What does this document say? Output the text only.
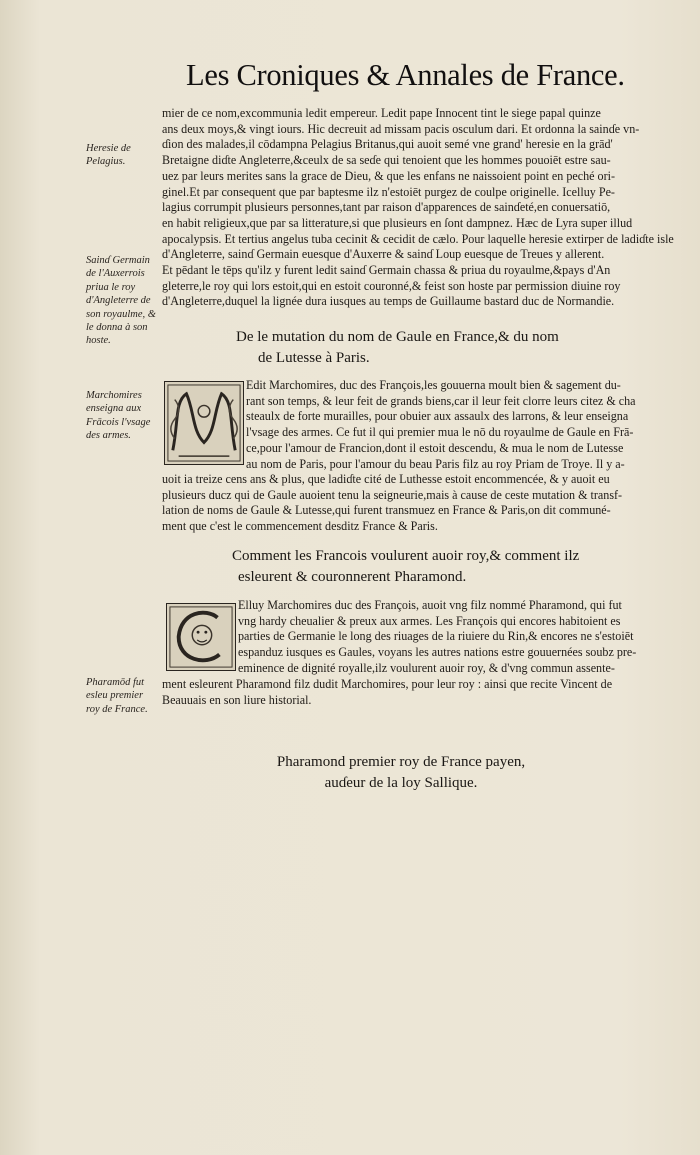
Les Croniques & Annales de France.
mier de ce nom,excommunia ledit empereur. Ledit pape Innocent tint le siege papal quinze
ans deux moys,& vingt iours. Hic decreuit ad missam pacis osculum dari. Et ordonna la sainɗe vn-
ɗion des malades,il cōdampna Pelagius Britanus,qui auoit semé vne grand' heresie en la grād'
Bretaigne diɗte Angleterre,&ceulx de sa seɗe qui tenoient que les hommes pouoiēt estre sau-
uez par leurs merites sans la grace de Dieu, & que les enfans ne naissoient point en peché ori-
ginel.Et par consequent que par baptesme ilz n'estoiēt purgez de coulpe originelle. Icelluy Pe-
lagius corrumpit plusieurs personnes,tant par raison d'apparences de sainɗeté,en conuersatiō,
en habit religieux,que par sa litterature,si que plusieurs en ſont dampnez. Hæc de Lyra super illud
apocalypsis. Et tertius angelus tuba cecinit & cecidit de cælo. Pour laquelle heresie extirper de ladiɗte isle
d'Angleterre, sainɗ Germain euesque d'Auxerre & sainɗ Loup euesque de Treues y allerent.
Et pēdant le tēps qu'ilz y furent ledit sainɗ Germain chassa & priua du royaulme,&pays d'An
gleterre,le roy qui lors estoit,qui en estoit couronné,& feist son hoste par permission diuine roy
d'Angleterre,duquel la lignée dura iusques au temps de Guillaume bastard duc de Normandie.
Heresie de Pelagius.
Sainɗ Germain de l'Auxerrois priua le roy d'Angleterre de son royaulme, & le donna à son hoste.
Marchomires enseigna aux Frācois l'vsage des armes.
Pharamōd fut esleu premier roy de France.
De le mutation du nom de Gaule en France,& du nom
de Lutesse à Paris.
Edit Marchomires, duc des François,les gouuerna moult bien & sagement du-
rant son temps, & leur feit de grands biens,car il leur feit clorre leurs citez & cha
steaulx de forte murailles, pour obuier aux assaulx des larrons, & leur enseigna
l'vsage des armes. Ce fut il qui premier mua le nō du royaulme de Gaule en Frā-
ce,pour l'amour de Francion,dont il estoit descendu, & mua le nom de Lutesse
au nom de Paris, pour l'amour du beau Paris filz au roy Priam de Troye. Il y a-
uoit ia treize cens ans & plus, que ladiɗte cité de Luthesse estoit encommencée, & y auoit eu
plusieurs ducz qui de Gaule auoient tenu la seigneurie,mais à cause de ceste mutation & transf-
lation de noms de Gaule & Lutesse,qui furent transmuez en France & Paris,on dit communé-
ment que c'est le commencement desditz France & Paris.
Comment les Francois voulurent auoir roy,& comment ilz
esleurent & couronnerent Pharamond.
Elluy Marchomires duc des François, auoit vng filz nommé Pharamond, qui fut
vng hardy cheualier & preux aux armes. Les François qui encores habitoient es
parties de Germanie le long des riuages de la riuiere du Rin,& encores ne s'estoiēt
espanduz iusques es Gaules, voyans les autres nations estre gouuernées soubz pre-
eminence de dignité royalle,ilz voulurent auoir roy, & d'vng commun assente-
ment esleurent Pharamond filz dudit Marchomires, pour leur roy : ainsi que recite Vincent de
Beauuais en son liure historial.
Pharamond premier roy de France payen,
auɗeur de la loy Sallique.
